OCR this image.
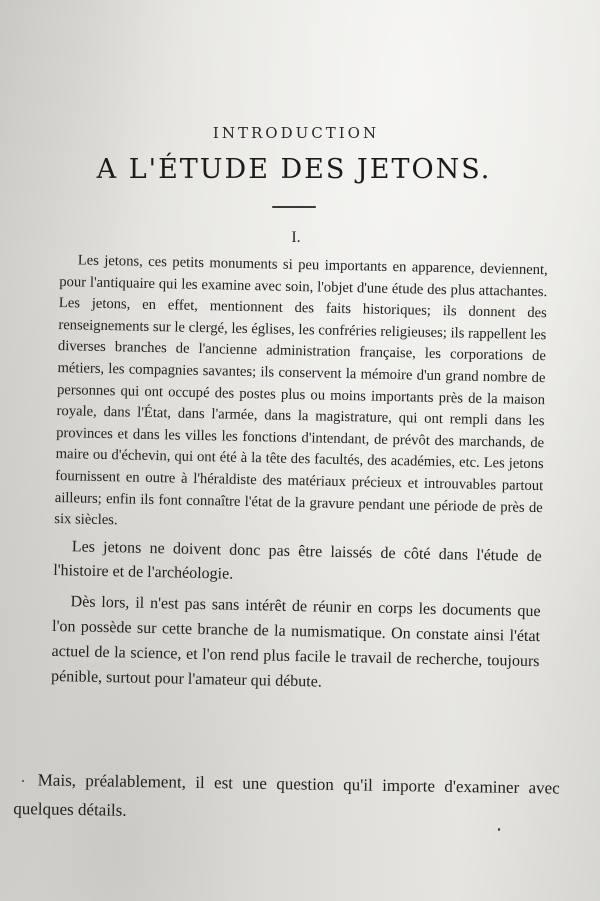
INTRODUCTION
A L'ÉTUDE DES JETONS.
I.

Les jetons, ces petits monuments si peu importants en apparence, deviennent, pour l'antiquaire qui les examine avec soin, l'objet d'une étude des plus attachantes. Les jetons, en effet, mentionnent des faits historiques; ils donnent des renseignements sur le clergé, les églises, les confréries religieuses; ils rappellent les diverses branches de l'ancienne administration française, les corporations de métiers, les compagnies savantes; ils conservent la mémoire d'un grand nombre de personnes qui ont occupé des postes plus ou moins importants près de la maison royale, dans l'État, dans l'armée, dans la magistrature, qui ont rempli dans les provinces et dans les villes les fonctions d'intendant, de prévôt des marchands, de maire ou d'échevin, qui ont été à la tête des facultés, des académies, etc. Les jetons fournissent en outre à l'héraldiste des matériaux précieux et introuvables partout ailleurs; enfin ils font connaître l'état de la gravure pendant une période de près de six siècles.

Les jetons ne doivent donc pas être laissés de côté dans l'étude de l'histoire et de l'archéologie.

Dès lors, il n'est pas sans intérêt de réunir en corps les documents que l'on possède sur cette branche de la numismatique. On constate ainsi l'état actuel de la science, et l'on rend plus facile le travail de recherche, toujours pénible, surtout pour l'amateur qui débute.

Mais, préalablement, il est une question qu'il importe d'examiner avec quelques détails.
